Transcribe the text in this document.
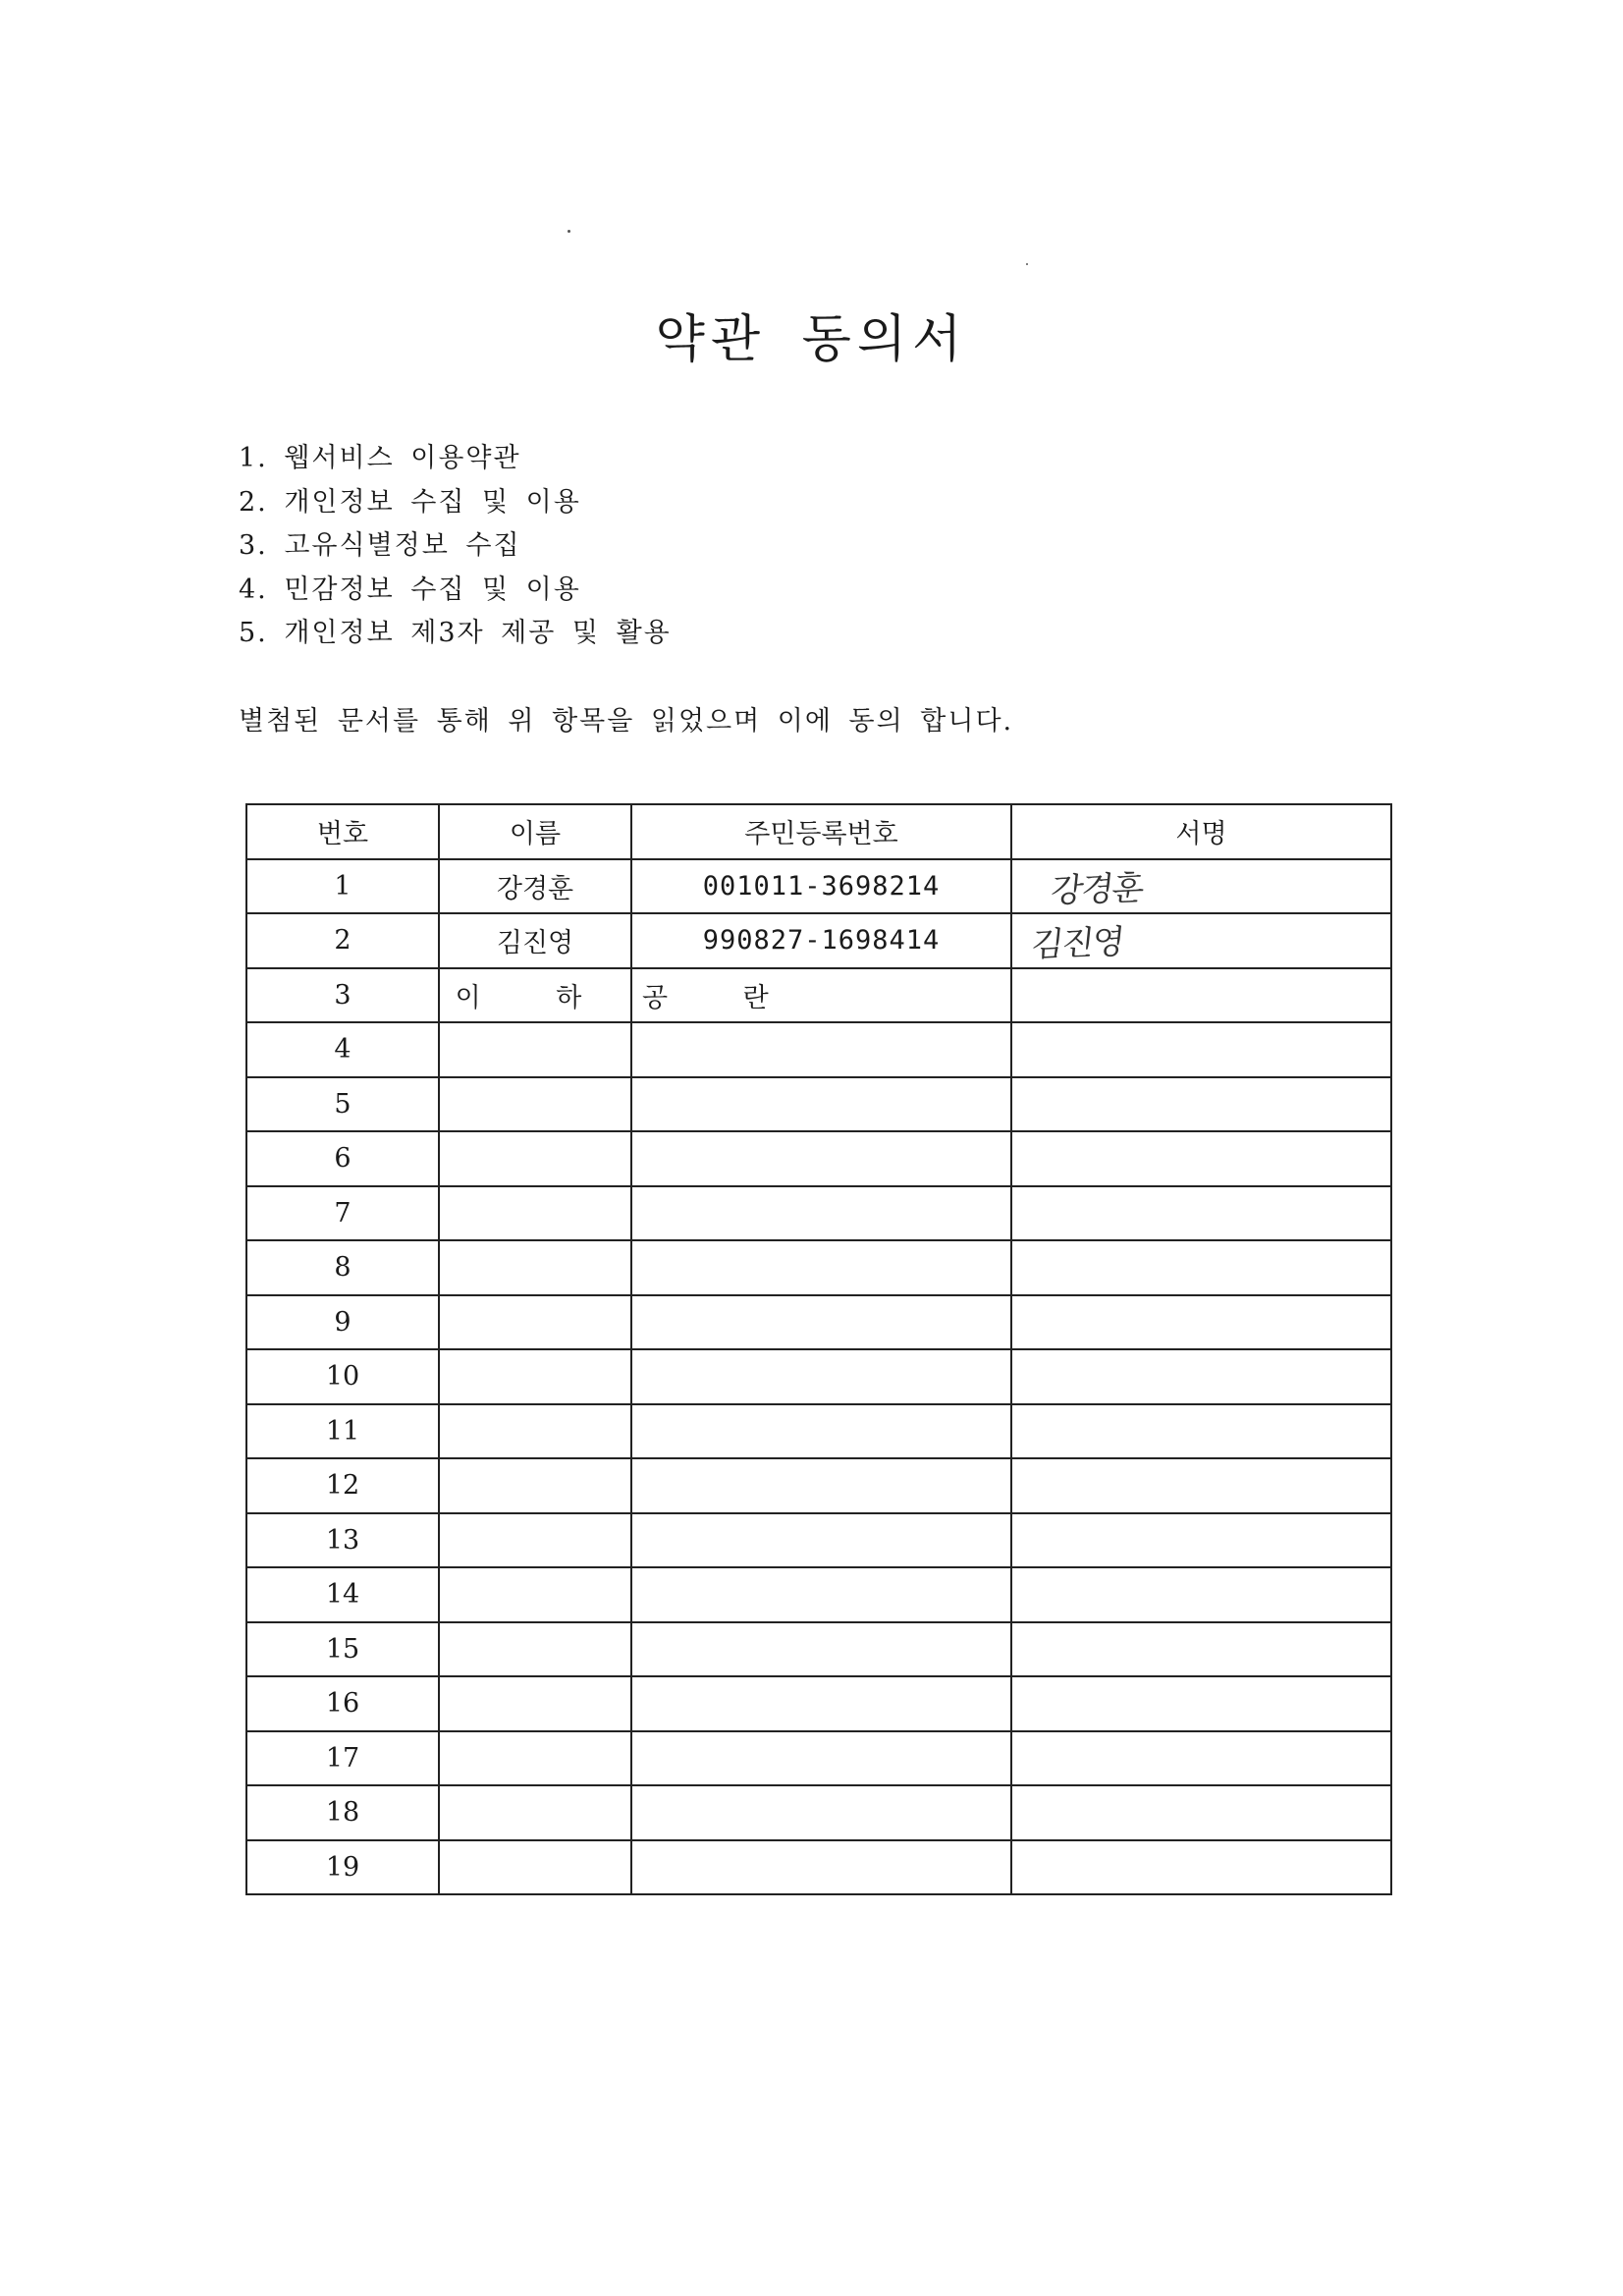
약관 동의서
1. 웹서비스 이용약관
2. 개인정보 수집 및 이용
3. 고유식별정보 수집
4. 민감정보 수집 및 이용
5. 개인정보 제3자 제공 및 활용
별첨된 문서를 통해 위 항목을 읽었으며 이에 동의 합니다.
번호	이름	주민등록번호	서명
1	강경훈	001011-3698214	강경훈
2	김진영	990827-1698414	김진영
3	이 하	공 란	
4			
5			
6			
7			
8			
9			
10			
11			
12			
13			
14			
15			
16			
17			
18			
19			
